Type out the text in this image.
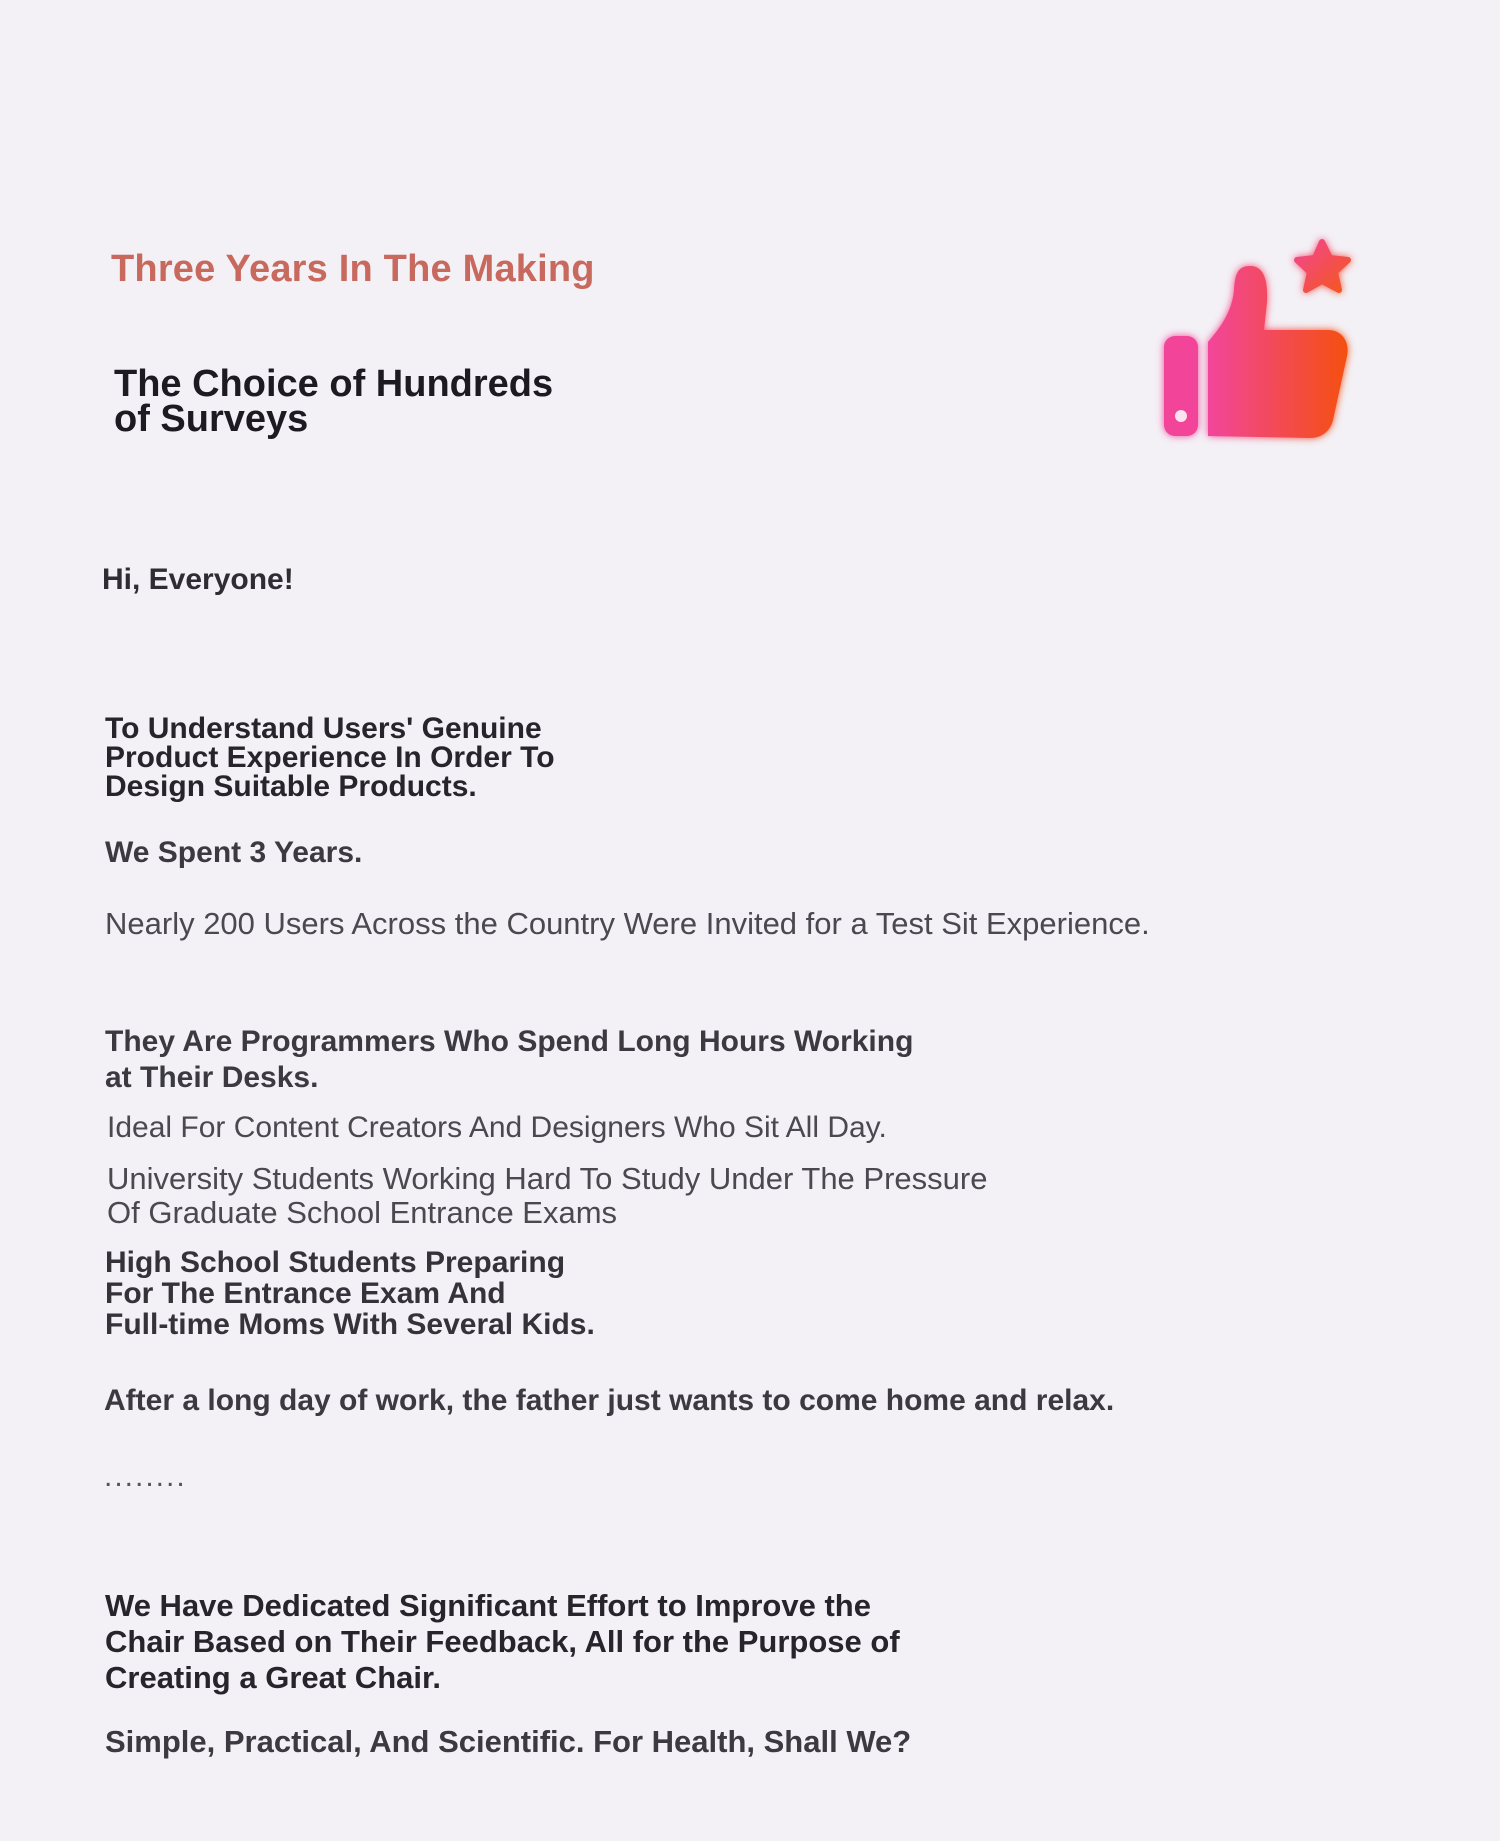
Three Years In The Making
The Choice of Hundreds
of Surveys
Hi, Everyone!

To Understand Users' Genuine
Product Experience In Order To
Design Suitable Products.

We Spent 3 Years.

Nearly 200 Users Across the Country Were Invited for a Test Sit Experience.

They Are Programmers Who Spend Long Hours Working
at Their Desks.

Ideal For Content Creators And Designers Who Sit All Day.

University Students Working Hard To Study Under The Pressure
Of Graduate School Entrance Exams

High School Students Preparing
For The Entrance Exam And
Full-time Moms With Several Kids.

After a long day of work, the father just wants to come home and relax.

........

We Have Dedicated Significant Effort to Improve the
Chair Based on Their Feedback, All for the Purpose of
Creating a Great Chair.

Simple, Practical, And Scientific. For Health, Shall We?
